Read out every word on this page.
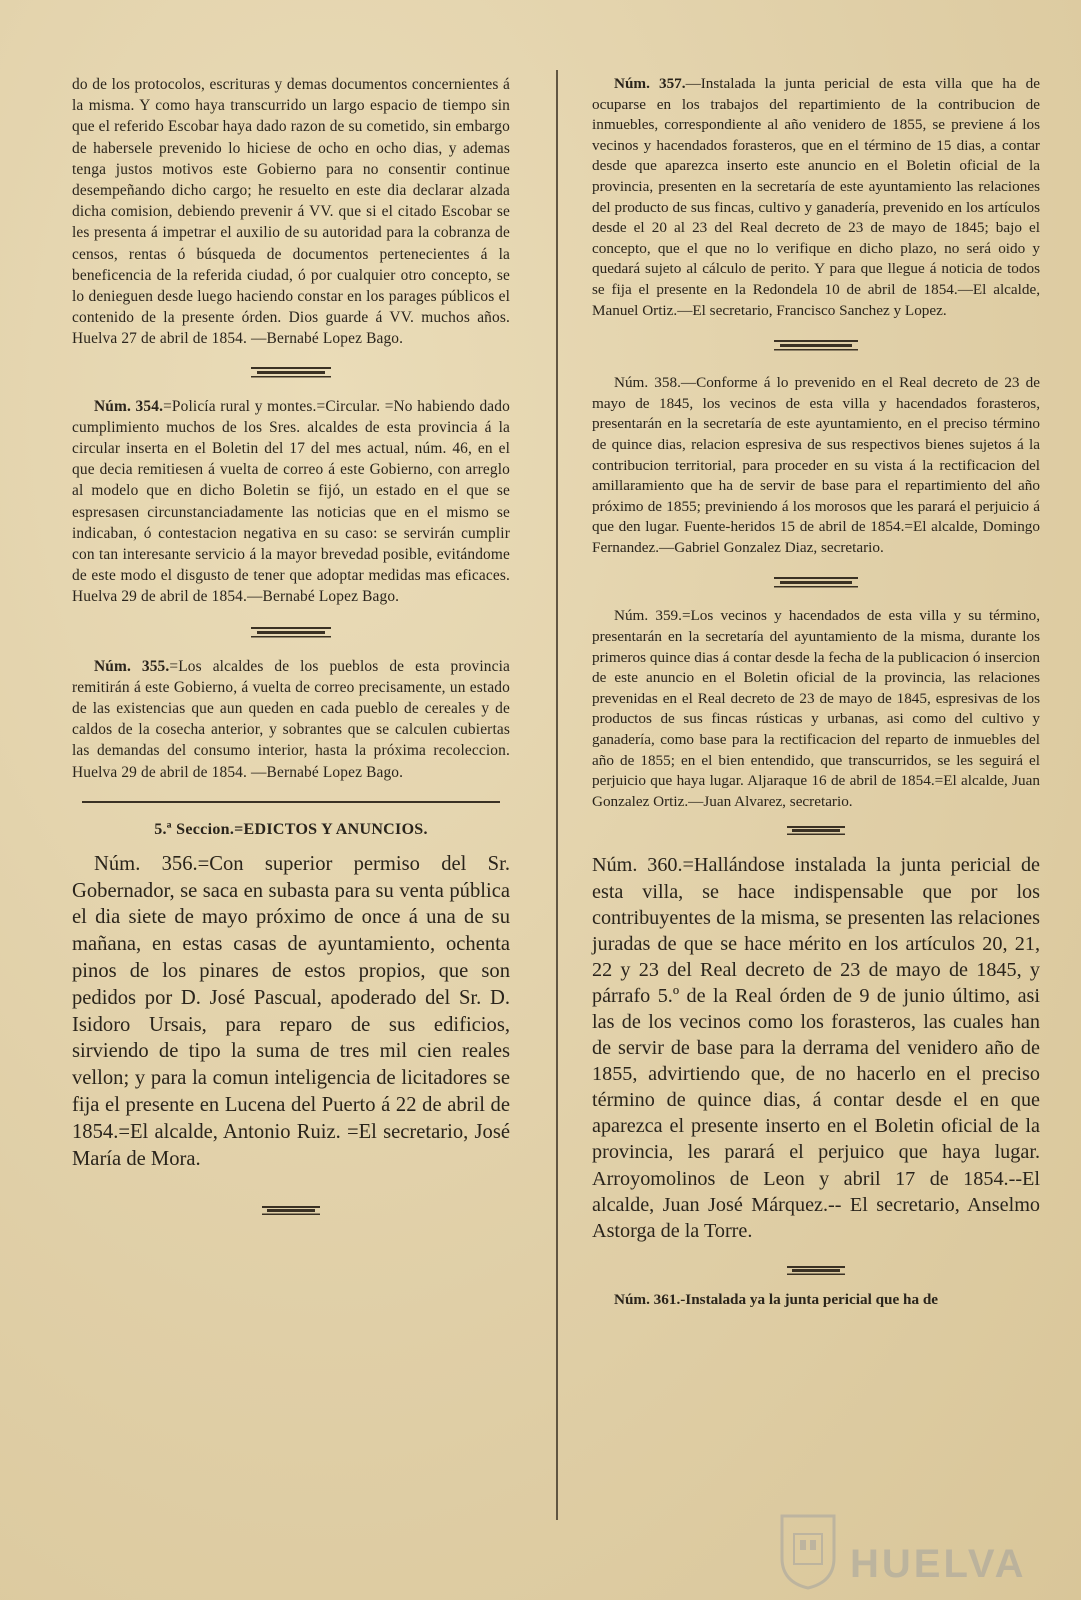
do de los protocolos, escrituras y demas documentos concernientes á la misma. Y como haya transcurrido un largo espacio de tiempo sin que el referido Escobar haya dado razon de su cometido, sin embargo de habersele prevenido lo hiciese de ocho en ocho dias, y ademas tenga justos motivos este Gobierno para no consentir continue desempeñando dicho cargo; he resuelto en este dia declarar alzada dicha comision, debiendo prevenir á VV. que si el citado Escobar se les presenta á impetrar el auxilio de su autoridad para la cobranza de censos, rentas ó búsqueda de documentos pertenecientes á la beneficencia de la referida ciudad, ó por cualquier otro concepto, se lo denieguen desde luego haciendo constar en los parages públicos el contenido de la presente órden. Dios guarde á VV. muchos años. Huelva 27 de abril de 1854. —Bernabé Lopez Bago.

Núm. 354.=Policía rural y montes.=Circular. =No habiendo dado cumplimiento muchos de los Sres. alcaldes de esta provincia á la circular inserta en el Boletin del 17 del mes actual, núm. 46, en el que decia remitiesen á vuelta de correo á este Gobierno, con arreglo al modelo que en dicho Boletin se fijó, un estado en el que se espresasen circunstanciadamente las noticias que en el mismo se indicaban, ó contestacion negativa en su caso: se servirán cumplir con tan interesante servicio á la mayor brevedad posible, evitándome de este modo el disgusto de tener que adoptar medidas mas eficaces. Huelva 29 de abril de 1854.—Bernabé Lopez Bago.

Núm. 355.=Los alcaldes de los pueblos de esta provincia remitirán á este Gobierno, á vuelta de correo precisamente, un estado de las existencias que aun queden en cada pueblo de cereales y de caldos de la cosecha anterior, y sobrantes que se calculen cubiertas las demandas del consumo interior, hasta la próxima recoleccion. Huelva 29 de abril de 1854. —Bernabé Lopez Bago.

5.ª Seccion.=EDICTOS Y ANUNCIOS.

Núm. 356.=Con superior permiso del Sr. Gobernador, se saca en subasta para su venta pública el dia siete de mayo próximo de once á una de su mañana, en estas casas de ayuntamiento, ochenta pinos de los pinares de estos propios, que son pedidos por D. José Pascual, apoderado del Sr. D. Isidoro Ursais, para reparo de sus edificios, sirviendo de tipo la suma de tres mil cien reales vellon; y para la comun inteligencia de licitadores se fija el presente en Lucena del Puerto á 22 de abril de 1854.=El alcalde, Antonio Ruiz. =El secretario, José María de Mora.

Núm. 357.—Instalada la junta pericial de esta villa que ha de ocuparse en los trabajos del repartimiento de la contribucion de inmuebles, correspondiente al año venidero de 1855, se previene á los vecinos y hacendados forasteros, que en el término de 15 dias, a contar desde que aparezca inserto este anuncio en el Boletin oficial de la provincia, presenten en la secretaría de este ayuntamiento las relaciones del producto de sus fincas, cultivo y ganadería, prevenido en los artículos desde el 20 al 23 del Real decreto de 23 de mayo de 1845; bajo el concepto, que el que no lo verifique en dicho plazo, no será oido y quedará sujeto al cálculo de perito. Y para que llegue á noticia de todos se fija el presente en la Redondela 10 de abril de 1854.—El alcalde, Manuel Ortiz.—El secretario, Francisco Sanchez y Lopez.

Núm. 358.—Conforme á lo prevenido en el Real decreto de 23 de mayo de 1845, los vecinos de esta villa y hacendados forasteros, presentarán en la secretaría de este ayuntamiento, en el preciso término de quince dias, relacion espresiva de sus respectivos bienes sujetos á la contribucion territorial, para proceder en su vista á la rectificacion del amillaramiento que ha de servir de base para el repartimiento del año próximo de 1855; previniendo á los morosos que les parará el perjuicio á que den lugar. Fuente-heridos 15 de abril de 1854.=El alcalde, Domingo Fernandez.—Gabriel Gonzalez Diaz, secretario.

Núm. 359.=Los vecinos y hacendados de esta villa y su término, presentarán en la secretaría del ayuntamiento de la misma, durante los primeros quince dias á contar desde la fecha de la publicacion ó insercion de este anuncio en el Boletin oficial de la provincia, las relaciones prevenidas en el Real decreto de 23 de mayo de 1845, espresivas de los productos de sus fincas rústicas y urbanas, asi como del cultivo y ganadería, como base para la rectificacion del reparto de inmuebles del año de 1855; en el bien entendido, que transcurridos, se les seguirá el perjuicio que haya lugar. Aljaraque 16 de abril de 1854.=El alcalde, Juan Gonzalez Ortiz.—Juan Alvarez, secretario.

Núm. 360.=Hallándose instalada la junta pericial de esta villa, se hace indispensable que por los contribuyentes de la misma, se presenten las relaciones juradas de que se hace mérito en los artículos 20, 21, 22 y 23 del Real decreto de 23 de mayo de 1845, y párrafo 5.º de la Real órden de 9 de junio último, asi las de los vecinos como los forasteros, las cuales han de servir de base para la derrama del venidero año de 1855, advirtiendo que, de no hacerlo en el preciso término de quince dias, á contar desde el en que aparezca el presente inserto en el Boletin oficial de la provincia, les parará el perjuico que haya lugar. Arroyomolinos de Leon y abril 17 de 1854.--El alcalde, Juan José Márquez.-- El secretario, Anselmo Astorga de la Torre.

Núm. 361.-Instalada ya la junta pericial que ha de

HUELVA
